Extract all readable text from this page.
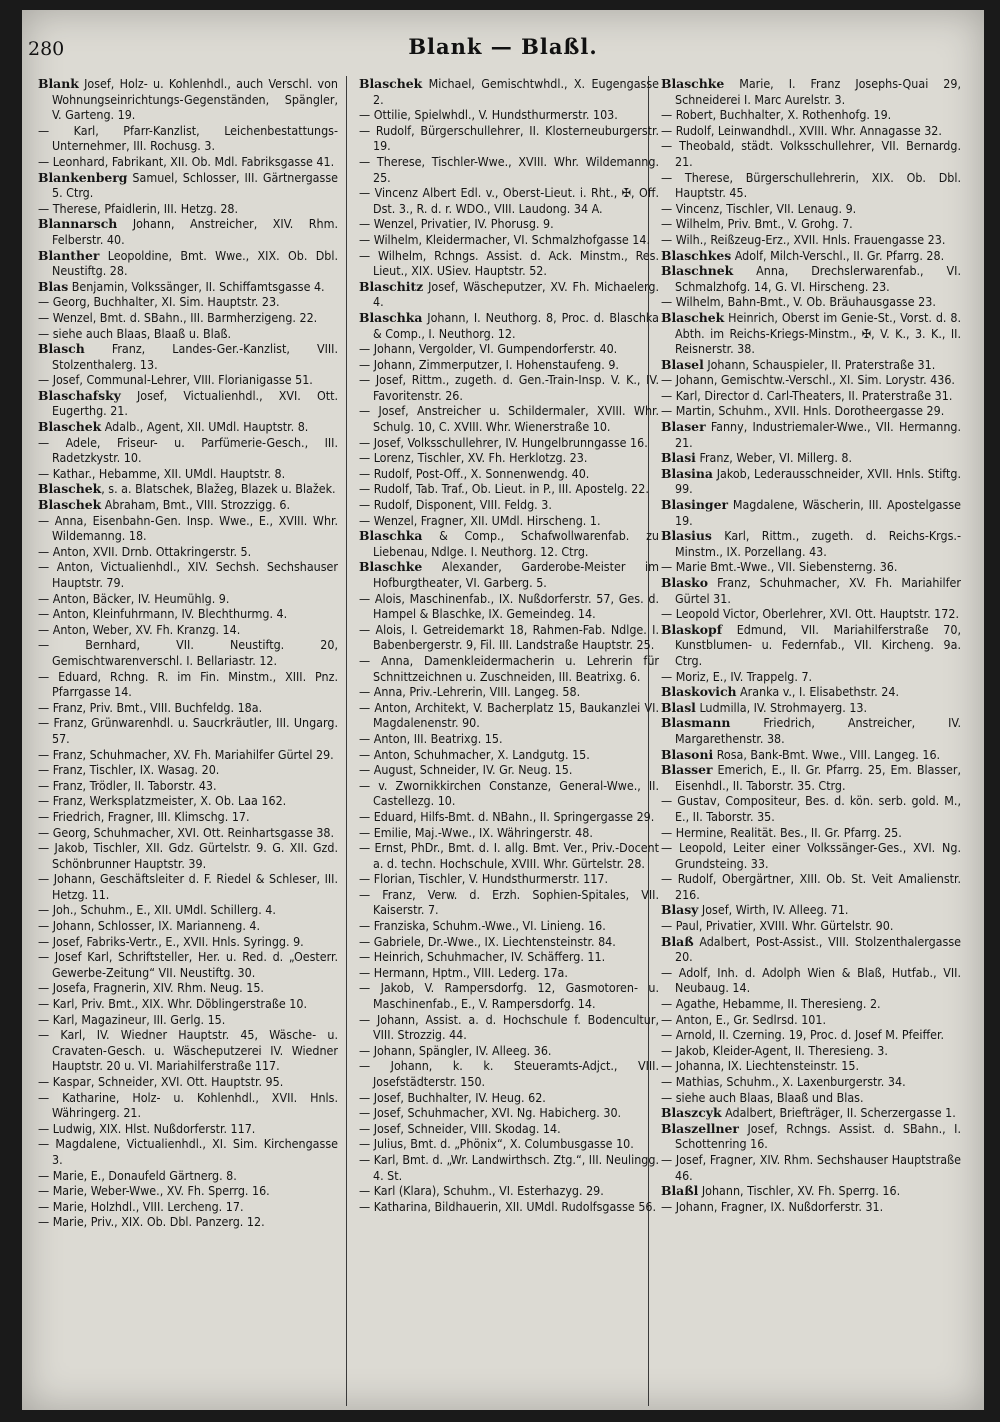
280	Blank — Blaßl.

Blank Josef, Holz- u. Kohlenhdl., auch Verschl. von Wohnungseinrichtungs-Gegenständen, Spängler, V. Garteng. 19.

— Karl, Pfarr-Kanzlist, Leichenbestattungs-Unternehmer, III. Rochusg. 3.

— Leonhard, Fabrikant, XII. Ob. Mdl. Fabriksgasse 41.

Blankenberg Samuel, Schlosser, III. Gärtnergasse 5. Ctrg.

— Therese, Pfaidlerin, III. Hetzg. 28.

Blannarsch Johann, Anstreicher, XIV. Rhm. Felberstr. 40.

Blanther Leopoldine, Bmt. Wwe., XIX. Ob. Dbl. Neustiftg. 28.

Blas Benjamin, Volkssänger, II. Schiffamtsgasse 4.

— Georg, Buchhalter, XI. Sim. Hauptstr. 23.

— Wenzel, Bmt. d. SBahn., III. Barmherzigeng. 22.

— siehe auch Blaas, Blaaß u. Blaß.

Blasch Franz, Landes-Ger.-Kanzlist, VIII. Stolzenthalerg. 13.

— Josef, Communal-Lehrer, VIII. Florianigasse 51.

Blaschafsky Josef, Victualienhdl., XVI. Ott. Eugerthg. 21.

Blaschek Adalb., Agent, XII. UMdl. Hauptstr. 8.

— Adele, Friseur- u. Parfümerie-Gesch., III. Radetzkystr. 10.

— Kathar., Hebamme, XII. UMdl. Hauptstr. 8.

Blaschek, s. a. Blatschek, Blažeg, Blazek u. Blažek.

Blaschek Abraham, Bmt., VIII. Strozzigg. 6.

— Anna, Eisenbahn-Gen. Insp. Wwe., E., XVIII. Whr. Wildemanng. 18.

— Anton, XVII. Drnb. Ottakringerstr. 5.

— Anton, Victualienhdl., XIV. Sechsh. Sechshauser Hauptstr. 79.

— Anton, Bäcker, IV. Heumühlg. 9.

— Anton, Kleinfuhrmann, IV. Blechthurmg. 4.

— Anton, Weber, XV. Fh. Kranzg. 14.

— Bernhard, VII. Neustiftg. 20, Gemischtwarenverschl. I. Bellariastr. 12.

— Eduard, Rchng. R. im Fin. Minstm., XIII. Pnz. Pfarrgasse 14.

— Franz, Priv. Bmt., VIII. Buchfeldg. 18a.

— Franz, Grünwarenhdl. u. Saucrkräutler, III. Ungarg. 57.

— Franz, Schuhmacher, XV. Fh. Mariahilfer Gürtel 29.

— Franz, Tischler, IX. Wasag. 20.

— Franz, Trödler, II. Taborstr. 43.

— Franz, Werksplatzmeister, X. Ob. Laa 162.

— Friedrich, Fragner, III. Klimschg. 17.

— Georg, Schuhmacher, XVI. Ott. Reinhartsgasse 38.

— Jakob, Tischler, XII. Gdz. Gürtelstr. 9. G. XII. Gzd. Schönbrunner Hauptstr. 39.

— Johann, Geschäftsleiter d. F. Riedel & Schleser, III. Hetzg. 11.

— Joh., Schuhm., E., XII. UMdl. Schillerg. 4.

— Johann, Schlosser, IX. Marianneng. 4.

— Josef, Fabriks-Vertr., E., XVII. Hnls. Syringg. 9.

— Josef Karl, Schriftsteller, Her. u. Red. d. „Oesterr. Gewerbe-Zeitung“ VII. Neustiftg. 30.

— Josefa, Fragnerin, XIV. Rhm. Neug. 15.

— Karl, Priv. Bmt., XIX. Whr. Döblingerstraße 10.

— Karl, Magazineur, III. Gerlg. 15.

— Karl, IV. Wiedner Hauptstr. 45, Wäsche- u. Cravaten-Gesch. u. Wäscheputzerei IV. Wiedner Hauptstr. 20 u. VI. Mariahilferstraße 117.

— Kaspar, Schneider, XVI. Ott. Hauptstr. 95.

— Katharine, Holz- u. Kohlenhdl., XVII. Hnls. Währingerg. 21.

— Ludwig, XIX. Hlst. Nußdorferstr. 117.

— Magdalene, Victualienhdl., XI. Sim. Kirchengasse 3.

— Marie, E., Donaufeld Gärtnerg. 8.

— Marie, Weber-Wwe., XV. Fh. Sperrg. 16.

— Marie, Holzhdl., VIII. Lercheng. 17.

— Marie, Priv., XIX. Ob. Dbl. Panzerg. 12.

Blaschek Michael, Gemischtwhdl., X. Eugengasse 2.

— Ottilie, Spielwhdl., V. Hundsthurmerstr. 103.

— Rudolf, Bürgerschullehrer, II. Klosterneuburgerstr. 19.

— Therese, Tischler-Wwe., XVIII. Whr. Wildemanng. 25.

— Vincenz Albert Edl. v., Oberst-Lieut. i. Rht., ✠, Off. Dst. 3., R. d. r. WDO., VIII. Laudong. 34 A.

— Wenzel, Privatier, IV. Phorusg. 9.

— Wilhelm, Kleidermacher, VI. Schmalzhofgasse 14.

— Wilhelm, Rchngs. Assist. d. Ack. Minstm., Res. Lieut., XIX. USiev. Hauptstr. 52.

Blaschitz Josef, Wäscheputzer, XV. Fh. Michaelerg. 4.

Blaschka Johann, I. Neuthorg. 8, Proc. d. Blaschka & Comp., I. Neuthorg. 12.

— Johann, Vergolder, VI. Gumpendorferstr. 40.

— Johann, Zimmerputzer, I. Hohenstaufeng. 9.

— Josef, Rittm., zugeth. d. Gen.-Train-Insp. V. K., IV. Favoritenstr. 26.

— Josef, Anstreicher u. Schildermaler, XVIII. Whr. Schulg. 10, C. XVIII. Whr. Wienerstraße 10.

— Josef, Volksschullehrer, IV. Hungelbrunngasse 16.

— Lorenz, Tischler, XV. Fh. Herklotzg. 23.

— Rudolf, Post-Off., X. Sonnenwendg. 40.

— Rudolf, Tab. Traf., Ob. Lieut. in P., III. Apostelg. 22.

— Rudolf, Disponent, VIII. Feldg. 3.

— Wenzel, Fragner, XII. UMdl. Hirscheng. 1.

Blaschka & Comp., Schafwollwarenfab. zu Liebenau, Ndlge. I. Neuthorg. 12. Ctrg.

Blaschke Alexander, Garderobe-Meister im Hofburgtheater, VI. Garberg. 5.

— Alois, Maschinenfab., IX. Nußdorferstr. 57, Ges. d. Hampel & Blaschke, IX. Gemeindeg. 14.

— Alois, I. Getreidemarkt 18, Rahmen-Fab. Ndlge. I. Babenbergerstr. 9, Fil. III. Landstraße Hauptstr. 25.

— Anna, Damenkleidermacherin u. Lehrerin für Schnittzeichnen u. Zuschneiden, III. Beatrixg. 6.

— Anna, Priv.-Lehrerin, VIII. Langeg. 58.

— Anton, Architekt, V. Bacherplatz 15, Baukanzlei VI. Magdalenenstr. 90.

— Anton, III. Beatrixg. 15.

— Anton, Schuhmacher, X. Landgutg. 15.

— August, Schneider, IV. Gr. Neug. 15.

— v. Zwornikkirchen Constanze, General-Wwe., II. Castellezg. 10.

— Eduard, Hilfs-Bmt. d. NBahn., II. Springergasse 29.

— Emilie, Maj.-Wwe., IX. Währingerstr. 48.

— Ernst, PhDr., Bmt. d. I. allg. Bmt. Ver., Priv.-Docent a. d. techn. Hochschule, XVIII. Whr. Gürtelstr. 28.

— Florian, Tischler, V. Hundsthurmerstr. 117.

— Franz, Verw. d. Erzh. Sophien-Spitales, VII. Kaiserstr. 7.

— Franziska, Schuhm.-Wwe., VI. Linieng. 16.

— Gabriele, Dr.-Wwe., IX. Liechtensteinstr. 84.

— Heinrich, Schuhmacher, IV. Schäfferg. 11.

— Hermann, Hptm., VIII. Lederg. 17a.

— Jakob, V. Rampersdorfg. 12, Gasmotoren- u. Maschinenfab., E., V. Rampersdorfg. 14.

— Johann, Assist. a. d. Hochschule f. Bodencultur, VIII. Strozzig. 44.

— Johann, Spängler, IV. Alleeg. 36.

— Johann, k. k. Steueramts-Adjct., VIII. Josefstädterstr. 150.

— Josef, Buchhalter, IV. Heug. 62.

— Josef, Schuhmacher, XVI. Ng. Habicherg. 30.

— Josef, Schneider, VIII. Skodag. 14.

— Julius, Bmt. d. „Phönix“, X. Columbusgasse 10.

— Karl, Bmt. d. „Wr. Landwirthsch. Ztg.“, III. Neulingg. 4. St.

— Karl (Klara), Schuhm., VI. Esterhazyg. 29.

— Katharina, Bildhauerin, XII. UMdl. Rudolfsgasse 56.

Blaschke Marie, I. Franz Josephs-Quai 29, Schneiderei I. Marc Aurelstr. 3.

— Robert, Buchhalter, X. Rothenhofg. 19.

— Rudolf, Leinwandhdl., XVIII. Whr. Annagasse 32.

— Theobald, städt. Volksschullehrer, VII. Bernardg. 21.

— Therese, Bürgerschullehrerin, XIX. Ob. Dbl. Hauptstr. 45.

— Vincenz, Tischler, VII. Lenaug. 9.

— Wilhelm, Priv. Bmt., V. Grohg. 7.

— Wilh., Reißzeug-Erz., XVII. Hnls. Frauengasse 23.

Blaschkes Adolf, Milch-Verschl., II. Gr. Pfarrg. 28.

Blaschnek Anna, Drechslerwarenfab., VI. Schmalzhofg. 14, G. VI. Hirscheng. 23.

— Wilhelm, Bahn-Bmt., V. Ob. Bräuhausgasse 23.

Blaschek Heinrich, Oberst im Genie-St., Vorst. d. 8. Abth. im Reichs-Kriegs-Minstm., ✠, V. K., 3. K., II. Reisnerstr. 38.

Blasel Johann, Schauspieler, II. Praterstraße 31.

— Johann, Gemischtw.-Verschl., XI. Sim. Lorystr. 436.

— Karl, Director d. Carl-Theaters, II. Praterstraße 31.

— Martin, Schuhm., XVII. Hnls. Dorotheergasse 29.

Blaser Fanny, Industriemaler-Wwe., VII. Hermanng. 21.

Blasi Franz, Weber, VI. Millerg. 8.

Blasina Jakob, Lederausschneider, XVII. Hnls. Stiftg. 99.

Blasinger Magdalene, Wäscherin, III. Apostelgasse 19.

Blasius Karl, Rittm., zugeth. d. Reichs-Krgs.-Minstm., IX. Porzellang. 43.

— Marie Bmt.-Wwe., VII. Siebensterng. 36.

Blasko Franz, Schuhmacher, XV. Fh. Mariahilfer Gürtel 31.

— Leopold Victor, Oberlehrer, XVI. Ott. Hauptstr. 172.

Blaskopf Edmund, VII. Mariahilferstraße 70, Kunstblumen- u. Federnfab., VII. Kircheng. 9a. Ctrg.

— Moriz, E., IV. Trappelg. 7.

Blaskovich Aranka v., I. Elisabethstr. 24.

Blasl Ludmilla, IV. Strohmayerg. 13.

Blasmann Friedrich, Anstreicher, IV. Margarethenstr. 38.

Blasoni Rosa, Bank-Bmt. Wwe., VIII. Langeg. 16.

Blasser Emerich, E., II. Gr. Pfarrg. 25, Em. Blasser, Eisenhdl., II. Taborstr. 35. Ctrg.

— Gustav, Compositeur, Bes. d. kön. serb. gold. M., E., II. Taborstr. 35.

— Hermine, Realität. Bes., II. Gr. Pfarrg. 25.

— Leopold, Leiter einer Volkssänger-Ges., XVI. Ng. Grundsteing. 33.

— Rudolf, Obergärtner, XIII. Ob. St. Veit Amalienstr. 216.

Blasy Josef, Wirth, IV. Alleeg. 71.

— Paul, Privatier, XVIII. Whr. Gürtelstr. 90.

Blaß Adalbert, Post-Assist., VIII. Stolzenthalergasse 20.

— Adolf, Inh. d. Adolph Wien & Blaß, Hutfab., VII. Neubaug. 14.

— Agathe, Hebamme, II. Theresieng. 2.

— Anton, E., Gr. Sedlrsd. 101.

— Arnold, II. Czerning. 19, Proc. d. Josef M. Pfeiffer.

— Jakob, Kleider-Agent, II. Theresieng. 3.

— Johanna, IX. Liechtensteinstr. 15.

— Mathias, Schuhm., X. Laxenburgerstr. 34.

— siehe auch Blaas, Blaaß und Blas.

Blaszcyk Adalbert, Briefträger, II. Scherzergasse 1.

Blaszellner Josef, Rchngs. Assist. d. SBahn., I. Schottenring 16.

— Josef, Fragner, XIV. Rhm. Sechshauser Hauptstraße 46.

Blaßl Johann, Tischler, XV. Fh. Sperrg. 16.

— Johann, Fragner, IX. Nußdorferstr. 31.
